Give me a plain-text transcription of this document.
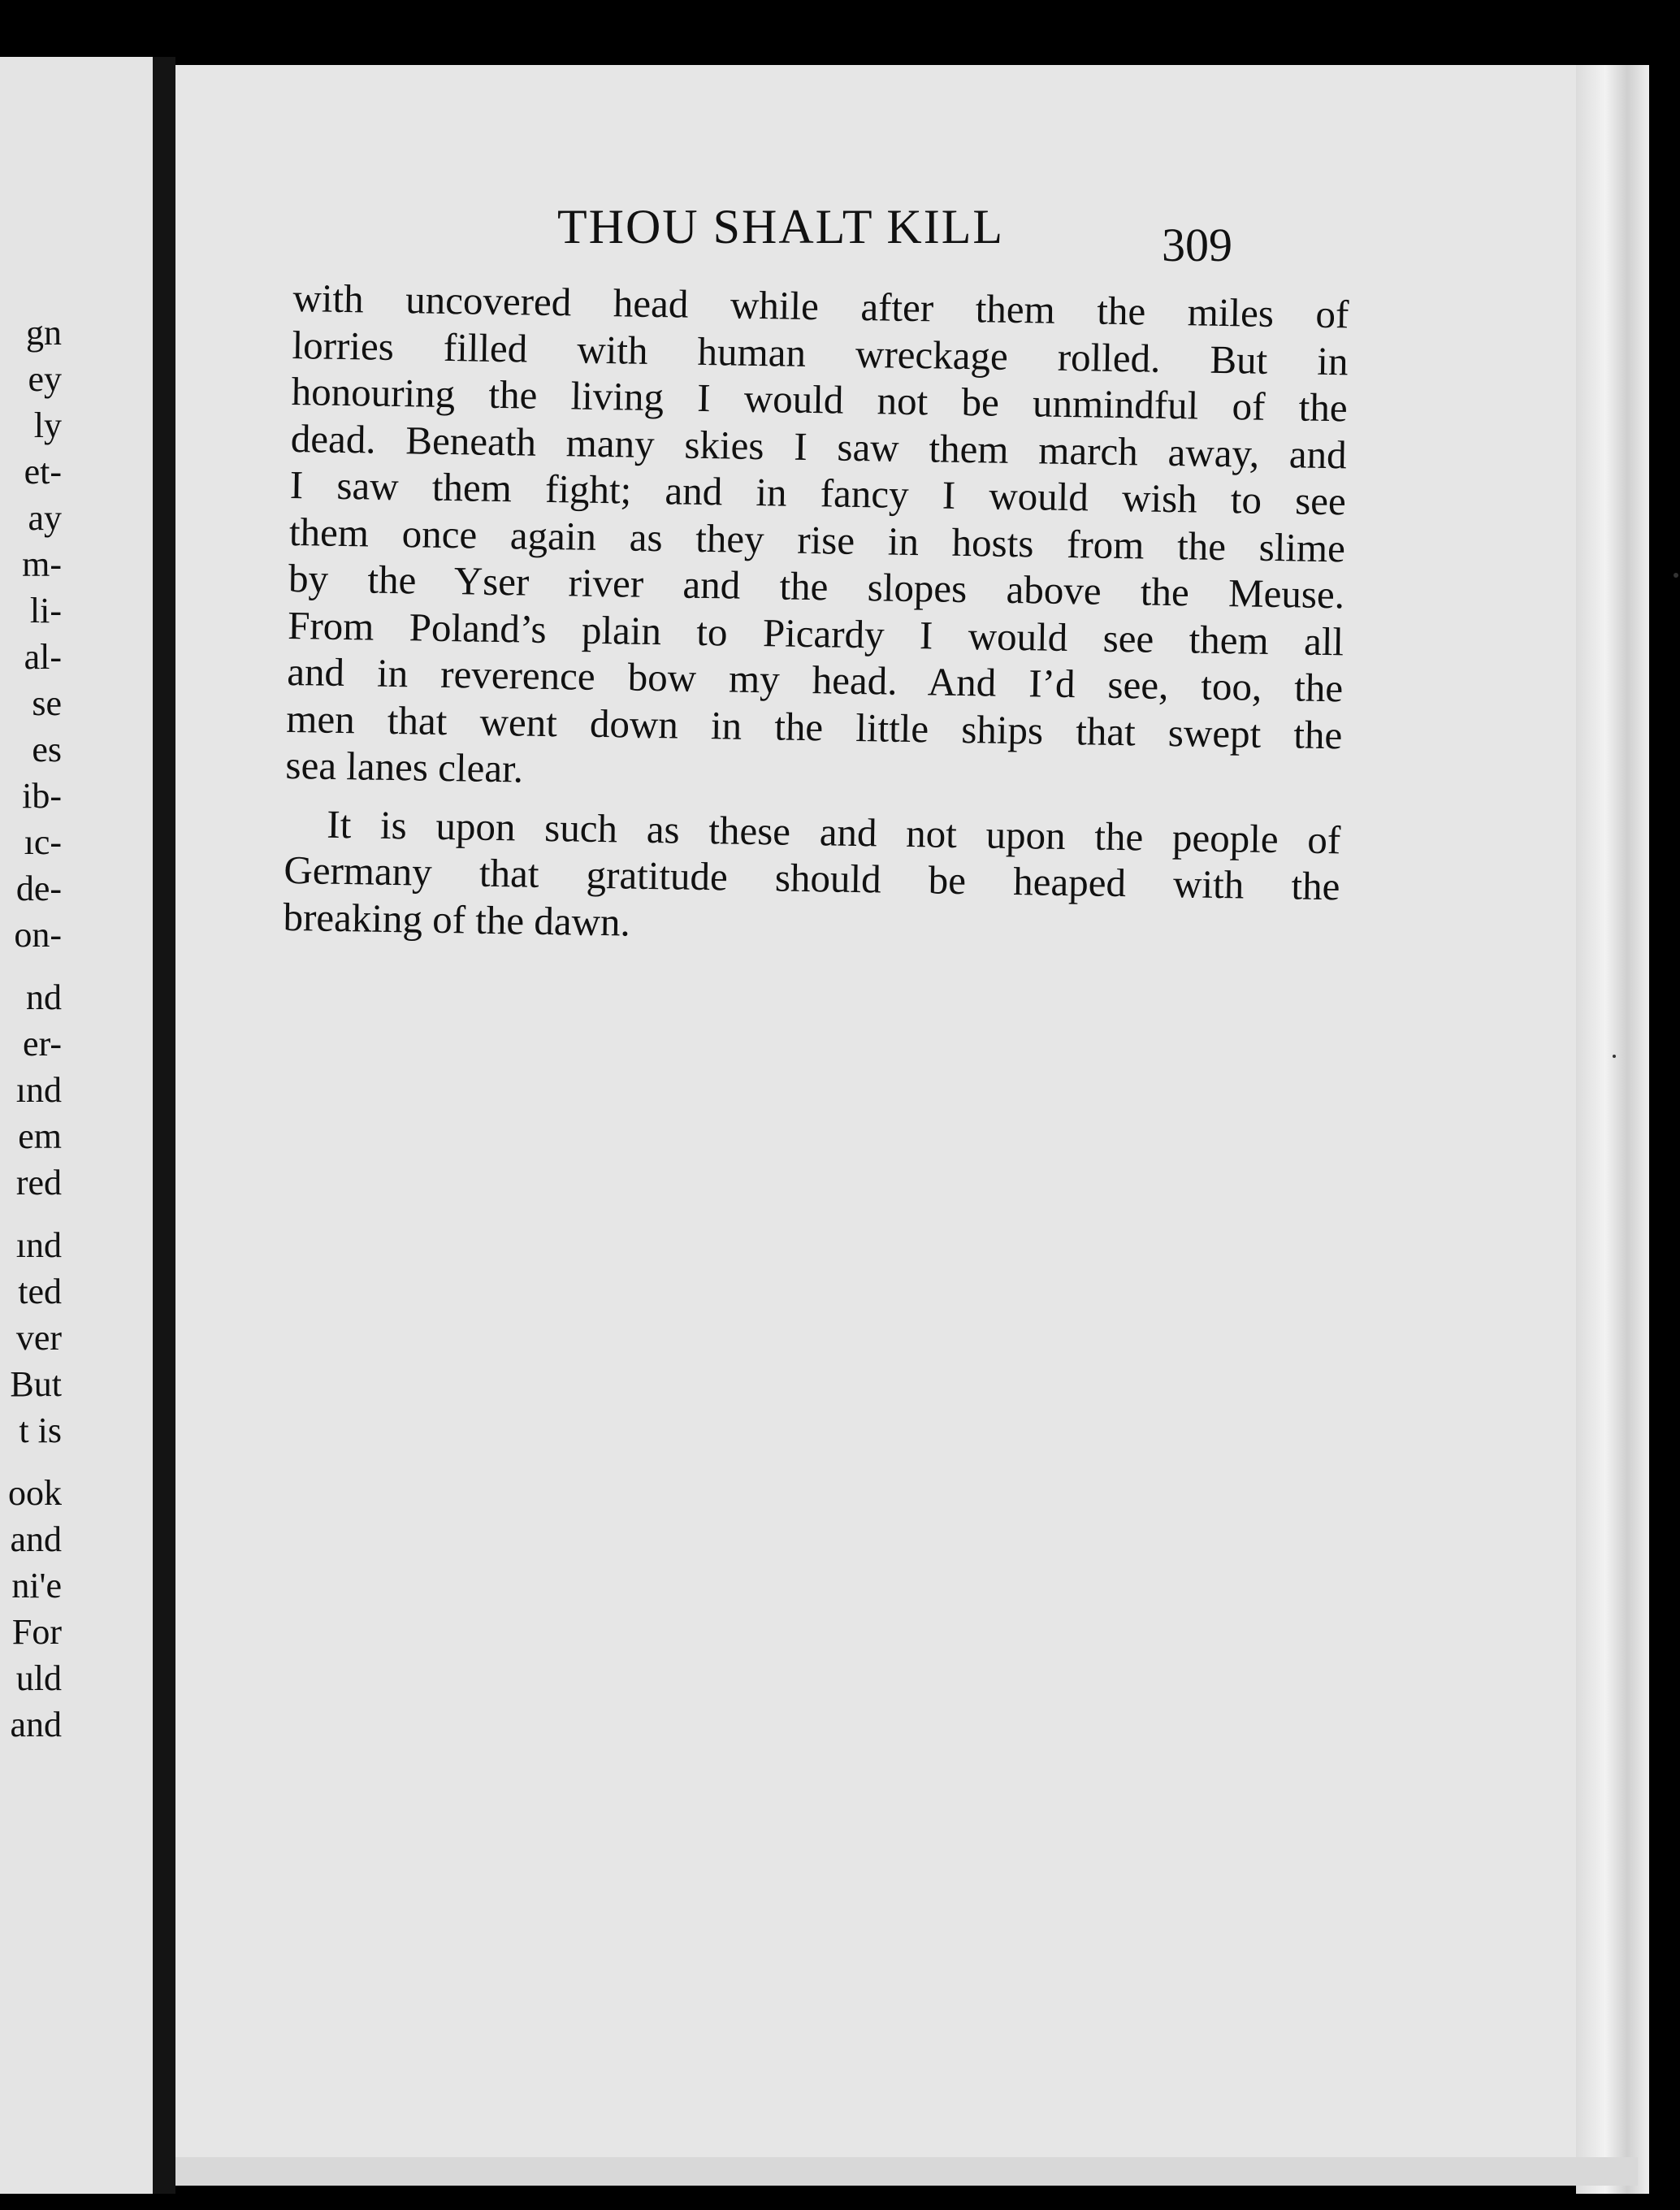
gn
ey
ly
et-
ay
m-
li-
al-
se
es
ib-
ıc-
de-
on-
nd
er-
ınd
em
red
ınd
ted
ver
But
t is
ook
and
ni'e
For
uld
and
THOU SHALT KILL	309
with uncovered head while after them the miles of
lorries filled with human wreckage rolled. But in
honouring the living I would not be unmindful of the
dead. Beneath many skies I saw them march away, and
I saw them fight; and in fancy I would wish to see
them once again as they rise in hosts from the slime
by the Yser river and the slopes above the Meuse.
From Poland’s plain to Picardy I would see them all
and in reverence bow my head. And I’d see, too, the
men that went down in the little ships that swept the
sea lanes clear.
It is upon such as these and not upon the people of
Germany that gratitude should be heaped with the
breaking of the dawn.
